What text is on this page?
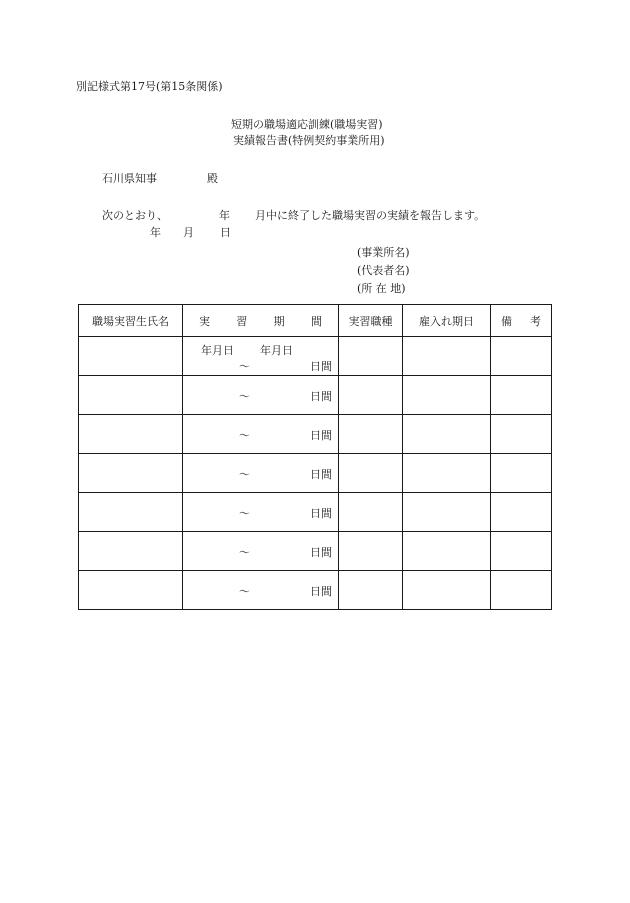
別記様式第17号(第15条関係)
短期の職場適応訓練(職場実習)
実績報告書(特例契約事業所用)
石川県知事	殿
次のとおり、	年 月中に終了した職場実習の実績を報告します。
年 月 日
(事業所名)
(代表者名)
(所 在 地)
職場実習生氏名	実 習 期 間	実習職種	雇入れ期日	備 考

	年月日 年月日
〜 日間			

	〜 日間			

	〜 日間			

	〜 日間			

	〜 日間			

	〜 日間			

	〜 日間			
